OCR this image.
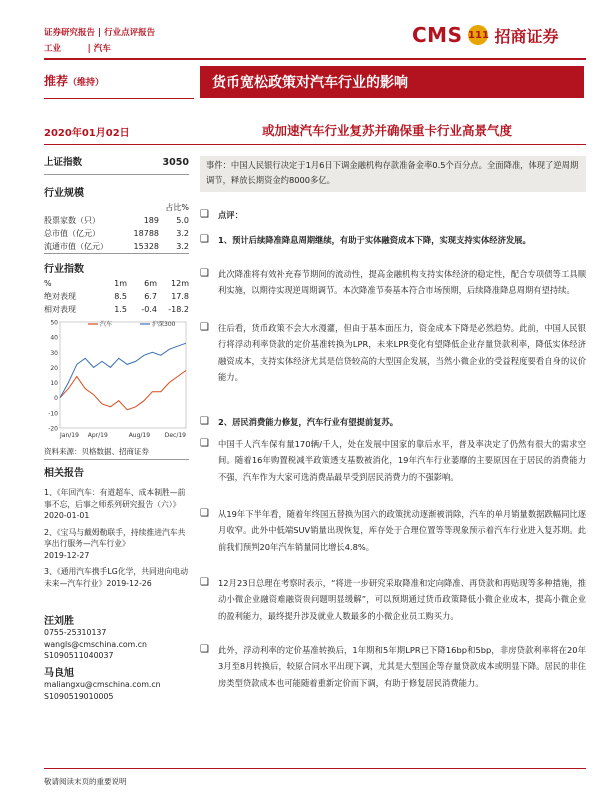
证券研究报告 | 行业点评报告
工业         | 汽车
CMS 111 招商证券
推荐（维持）	货币宽松政策对汽车行业的影响
2020年01月02日	或加速汽车行业复苏并确保重卡行业高景气度
上证指数	3050
行业规模
占比%
股票家数（只）	189	5.0
总市值（亿元）	18788	3.2
流通市值（亿元）	15328	3.2
行业指数
%	1m	6m	12m
绝对表现	8.5	6.7	17.8
相对表现	1.5	-0.4	-18.2
50
40
30
20
10
0
-10
-20
Jan/19 Apr/19	Aug/19 Dec/19
汽车	沪深300
资料来源：贝格数据、招商证券
相关报告
1、《年回汽车：有道超车、成本制胜—前事不忘，后事之师系列研究报告（六）》
2020-01-01
2、《宝马与戴姆勒联手，持续推进汽车共享出行服务—汽车行业》
2019-12-27
3、《通用汽车携手LG化学，共同进向电动未来—汽车行业》2019-12-26
汪刘胜
0755-25310137
wangls@cmschina.com.cn
S1090511040037
马良旭
maliangxu@cmschina.com.cn
S1090519010005
事件：中国人民银行决定于1月6日下调金融机构存款准备金率0.5个百分点。全面降准，体现了逆周期调节，释放长期资金约8000多亿。
❑ 点评：
❑ 1、预计后续降准降息周期继续，有助于实体融资成本下降，实现支持实体经济发展。
❑ 此次降准将有效补充春节期间的流动性，提高金融机构支持实体经济的稳定性，配合专项债等工具顺利实施，以期待实现逆周期调节。本次降准节奏基本符合市场预期，后续降准降息周期有望持续。
❑ 往后看，货币政策不会大水漫灌，但由于基本面压力，资金成本下降是必然趋势。此前，中国人民银行将浮动利率贷款的定价基准转换为LPR，未来LPR变化有望降低企业存量贷款利率，降低实体经济融资成本，支持实体经济尤其是信贷较高的大型国企发展，当然小微企业的受益程度要看自身的议价能力。
❑ 2、居民消费能力修复，汽车行业有望提前复苏。
❑ 中国千人汽车保有量170辆/千人，处在发展中国家的靠后水平，普及率决定了仍然有很大的需求空间。随着16年购置税减半政策透支基数被消化，19年汽车行业萎靡的主要原因在于居民的消费能力不强，汽车作为大家可选消费品最早受到居民消费力的不强影响。
❑ 从19年下半年看，随着年终国五替换为国六的政策扰动逐渐被消除，汽车的单月销量数据跌幅同比逐月收窄。此外中低端SUV销量出现恢复，库存处于合理位置等等现象预示着汽车行业进入复苏期。此前我们预判20年汽车销量同比增长4.8%。
❑ 12月23日总理在考察时表示，“将进一步研究采取降准和定向降准、再贷款和再贴现等多种措施，推动小微企业融资难融资贵问题明显缓解”，可以预期通过货币政策降低小微企业成本，提高小微企业的盈利能力，最终提升涉及就业人数最多的小微企业员工购买力。
❑ 此外，浮动利率的定价基准转换后，1年期和5年期LPR已下降16bp和5bp，非房贷款利率将在20年3月至8月转换后，较原合同水平出现下调，尤其是大型国企等存量贷款成本或明显下降。居民的非住房类型贷款成本也可能随着重新定价而下调，有助于修复居民消费能力。
敬请阅读末页的重要说明
